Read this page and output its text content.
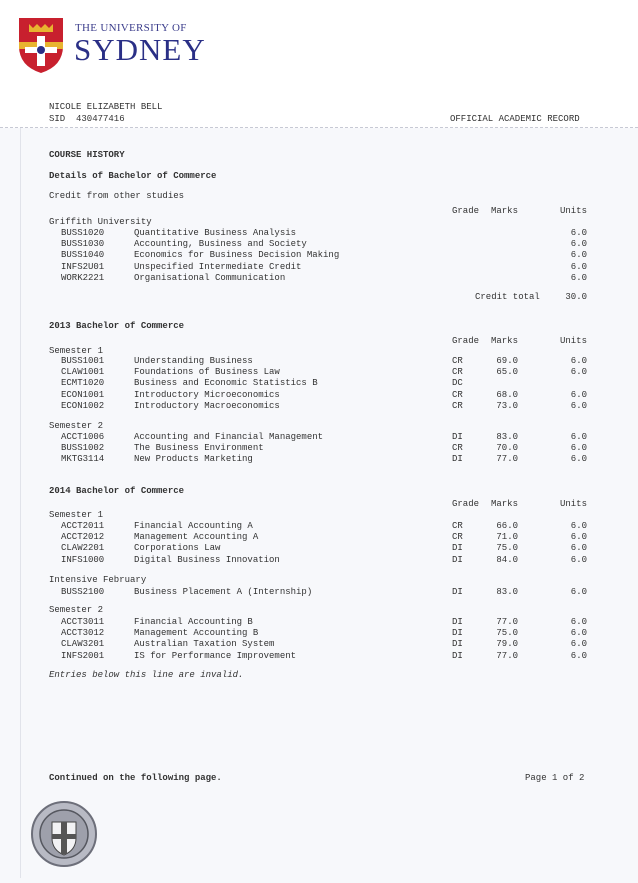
THE UNIVERSITY OF
SYDNEY
NICOLE ELIZABETH BELL
SID  430477416	OFFICIAL ACADEMIC RECORD
COURSE HISTORY
Details of Bachelor of Commerce
Credit from other studies
Grade	Marks	Units
Griffith University
BUSS1020	Quantitative Business Analysis	6.0
BUSS1030	Accounting, Business and Society	6.0
BUSS1040	Economics for Business Decision Making	6.0
INFS2U01	Unspecified Intermediate Credit	6.0
WORK2221	Organisational Communication	6.0
Credit total	30.0
2013 Bachelor of Commerce
Grade	Marks	Units
Semester 1
BUSS1001	Understanding Business	CR	69.0	6.0
CLAW1001	Foundations of Business Law	CR	65.0	6.0
ECMT1020	Business and Economic Statistics B	DC
ECON1001	Introductory Microeconomics	CR	68.0	6.0
ECON1002	Introductory Macroeconomics	CR	73.0	6.0
Semester 2
ACCT1006	Accounting and Financial Management	DI	83.0	6.0
BUSS1002	The Business Environment	CR	70.0	6.0
MKTG3114	New Products Marketing	DI	77.0	6.0
2014 Bachelor of Commerce
Grade	Marks	Units
Semester 1
ACCT2011	Financial Accounting A	CR	66.0	6.0
ACCT2012	Management Accounting A	CR	71.0	6.0
CLAW2201	Corporations Law	DI	75.0	6.0
INFS1000	Digital Business Innovation	DI	84.0	6.0
Intensive February
BUSS2100	Business Placement A (Internship)	DI	83.0	6.0
Semester 2
ACCT3011	Financial Accounting B	DI	77.0	6.0
ACCT3012	Management Accounting B	DI	75.0	6.0
CLAW3201	Australian Taxation System	DI	79.0	6.0
INFS2001	IS for Performance Improvement	DI	77.0	6.0
Entries below this line are invalid.
Continued on the following page.	Page 1 of 2
